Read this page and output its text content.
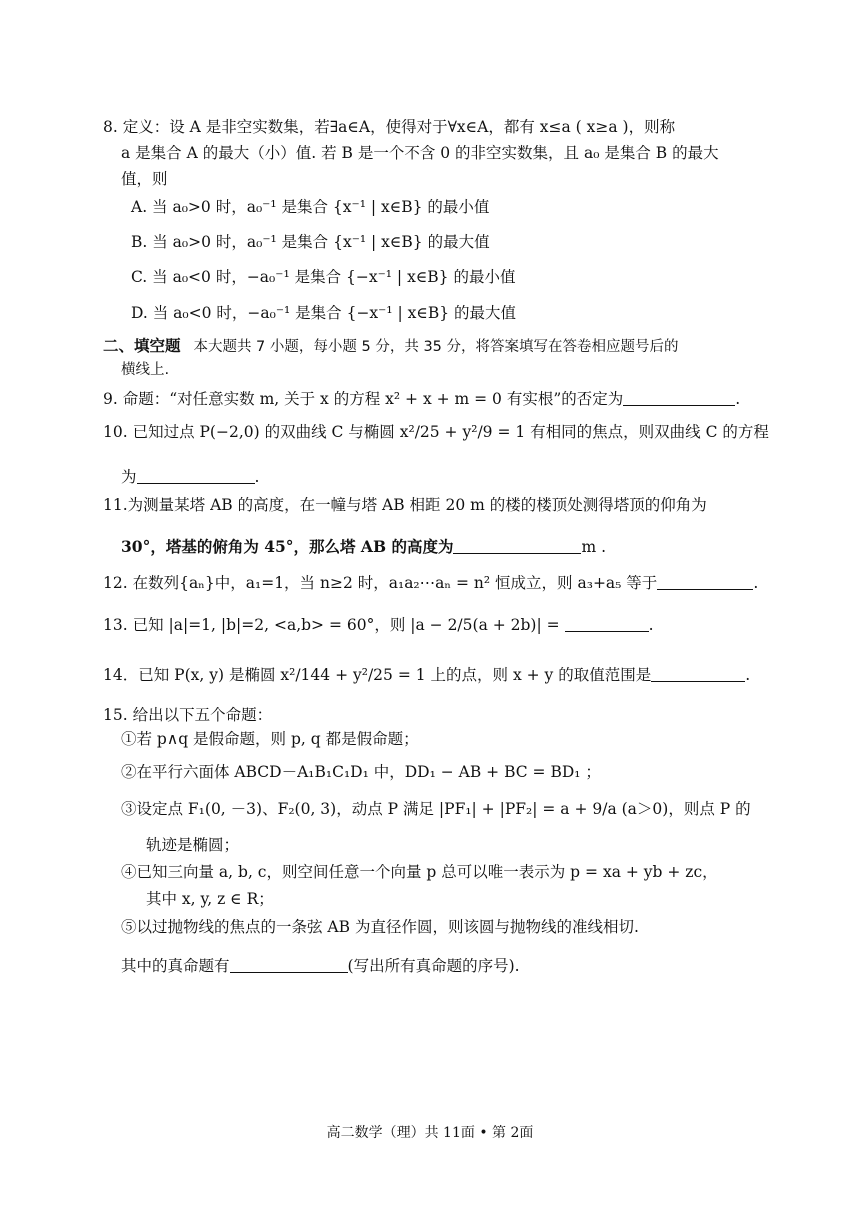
8. 定义：设 A 是非空实数集，若∃a∈A，使得对于∀x∈A，都有 x≤a ( x≥a )，则称
a 是集合 A 的最大（小）值. 若 B 是一个不含 0 的非空实数集，且 a₀ 是集合 B 的最大
值，则
A. 当 a₀>0 时，a₀⁻¹ 是集合 {x⁻¹ | x∈B} 的最小值
B. 当 a₀>0 时，a₀⁻¹ 是集合 {x⁻¹ | x∈B} 的最大值
C. 当 a₀<0 时，−a₀⁻¹ 是集合 {−x⁻¹ | x∈B} 的最小值
D. 当 a₀<0 时，−a₀⁻¹ 是集合 {−x⁻¹ | x∈B} 的最大值
二、填空题 本大题共 7 小题，每小题 5 分，共 35 分，将答案填写在答卷相应题号后的
横线上.
9. 命题：“对任意实数 m, 关于 x 的方程 x² + x + m = 0 有实根”的否定为	.
10. 已知过点 P(−2,0) 的双曲线 C 与椭圆 x²/25 + y²/9 = 1 有相同的焦点，则双曲线 C 的方程
为	.
11.为测量某塔 AB 的高度，在一幢与塔 AB 相距 20 m 的楼的楼顶处测得塔顶的仰角为
30°，塔基的俯角为 45°，那么塔 AB 的高度为	m .
12. 在数列{aₙ}中，a₁=1，当 n≥2 时，a₁a₂⋯aₙ = n² 恒成立，则 a₃+a₅ 等于	.
13. 已知 |a|=1, |b|=2, <a,b> = 60°，则 |a − 2/5(a + 2b)| =	.
14．已知 P(x, y) 是椭圆 x²/144 + y²/25 = 1 上的点，则 x + y 的取值范围是	.
15. 给出以下五个命题：
①若 p∧q 是假命题，则 p, q 都是假命题；
②在平行六面体 ABCD－A₁B₁C₁D₁ 中，DD₁ − AB + BC = BD₁ ；
③设定点 F₁(0, －3)、F₂(0, 3)，动点 P 满足 |PF₁| + |PF₂| = a + 9/a (a＞0)，则点 P 的
轨迹是椭圆；
④已知三向量 a, b, c，则空间任意一个向量 p 总可以唯一表示为 p = xa + yb + zc，
其中 x, y, z ∈ R；
⑤以过抛物线的焦点的一条弦 AB 为直径作圆，则该圆与抛物线的准线相切.
其中的真命题有	(写出所有真命题的序号).
高二数学（理）共 11面 • 第 2面
